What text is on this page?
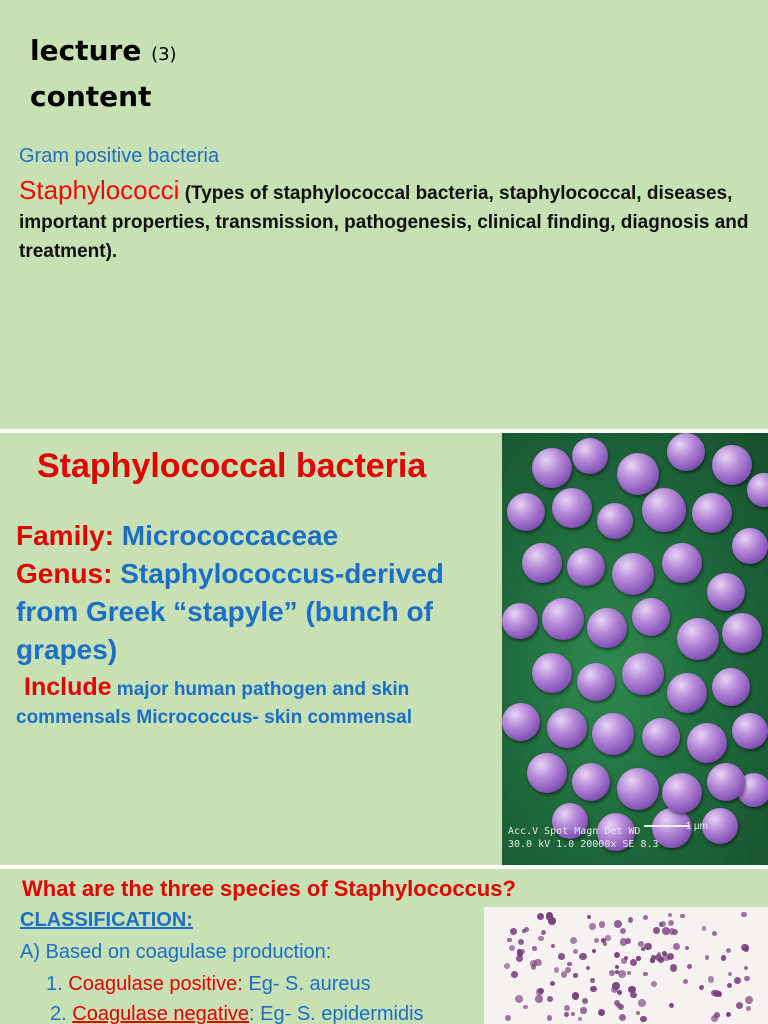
lecture (3)
content
Gram positive bacteria
Staphylococci (Types of staphylococcal bacteria, staphylococcal, diseases, important properties, transmission, pathogenesis, clinical finding, diagnosis and treatment).
Staphylococcal bacteria
Family: Micrococcaceae
Genus: Staphylococcus-derived from Greek “stapyle” (bunch of grapes)
Include major human pathogen and skin commensals Micrococcus- skin commensal
1 μm
Acc.V Spot Magn Det WD
30.0 kV 1.0 20000x SE 8.3
What are the three species of Staphylococcus?
CLASSIFICATION:
A) Based on coagulase production:
1. Coagulase positive: Eg- S. aureus
2. Coagulase negative: Eg- S. epidermidis
